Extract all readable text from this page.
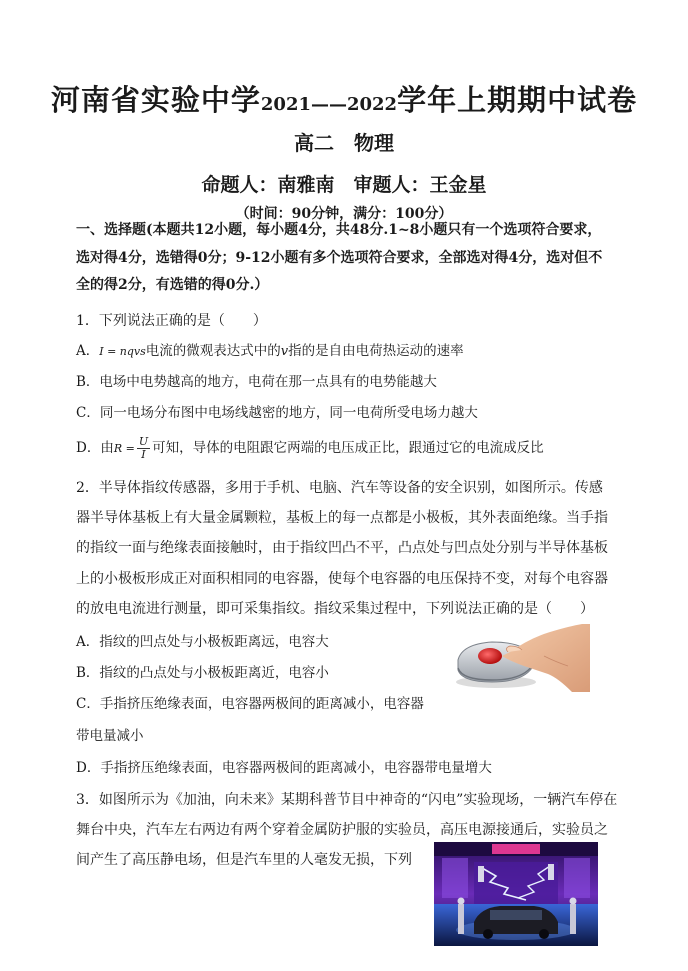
河南省实验中学2021——2022学年上期期中试卷
高二　物理
命题人：南雅南　审题人：王金星
（时间：90分钟，满分：100分）
一、选择题(本题共12小题，每小题4分，共48分.1~8小题只有一个选项符合要求，
选对得4分，选错得0分；9-12小题有多个选项符合要求，全部选对得4分，选对但不
全的得2分，有选错的得0分.）
1．下列说法正确的是（　　）
A．I = nqvs电流的微观表达式中的v指的是自由电荷热运动的速率
B．电场中电势越高的地方，电荷在那一点具有的电势能越大
C．同一电场分布图中电场线越密的地方，同一电荷所受电场力越大
D．由$R = \frac{U}{I}$ 可知，导体的电阻跟它两端的电压成正比，跟通过它的电流成反比
2．半导体指纹传感器，多用于手机、电脑、汽车等设备的安全识别，如图所示。传感
器半导体基板上有大量金属颗粒，基板上的每一点都是小极板，其外表面绝缘。当手指
的指纹一面与绝缘表面接触时，由于指纹凹凸不平，凸点处与凹点处分别与半导体基板
上的小极板形成正对面积相同的电容器，使每个电容器的电压保持不变，对每个电容器
的放电电流进行测量，即可采集指纹。指纹采集过程中，下列说法正确的是（　　）
A．指纹的凹点处与小极板距离远，电容大
B．指纹的凸点处与小极板距离近，电容小
C．手指挤压绝缘表面，电容器两极间的距离减小，电容器
带电量减小
D．手指挤压绝缘表面，电容器两极间的距离减小，电容器带电量增大
3．如图所示为《加油，向未来》某期科普节目中神奇的“闪电”实验现场，一辆汽车停在
舞台中央，汽车左右两边有两个穿着金属防护服的实验员，高压电源接通后，实验员之
间产生了高压静电场，但是汽车里的人毫发无损，下列
